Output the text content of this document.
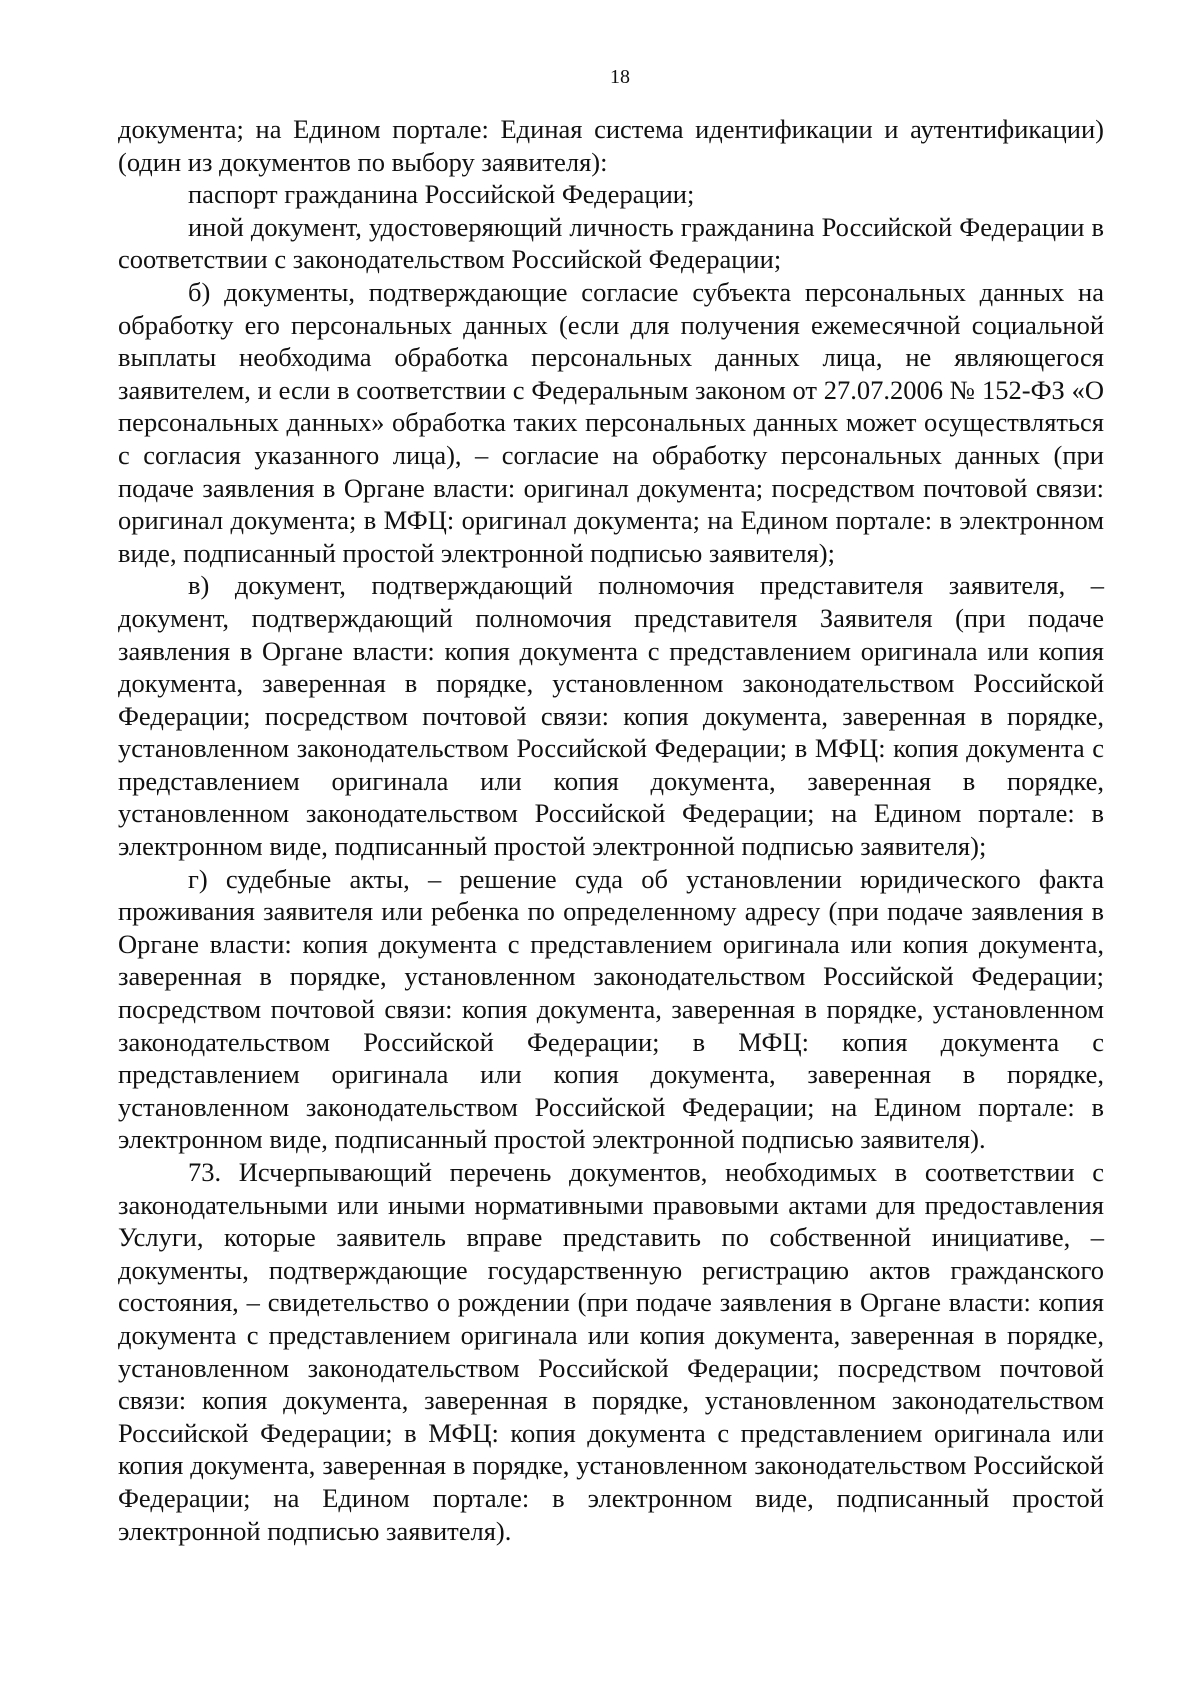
18

документа; на Едином портале: Единая система идентификации и аутентификации) (один из документов по выбору заявителя):

паспорт гражданина Российской Федерации;

иной документ, удостоверяющий личность гражданина Российской Федерации в соответствии с законодательством Российской Федерации;

б) документы, подтверждающие согласие субъекта персональных данных на обработку его персональных данных (если для получения ежемесячной социальной выплаты необходима обработка персональных данных лица, не являющегося заявителем, и если в соответствии с Федеральным законом от 27.07.2006 № 152-ФЗ «О персональных данных» обработка таких персональных данных может осуществляться с согласия указанного лица), – согласие на обработку персональных данных (при подаче заявления в Органе власти: оригинал документа; посредством почтовой связи: оригинал документа; в МФЦ: оригинал документа; на Едином портале: в электронном виде, подписанный простой электронной подписью заявителя);

в) документ, подтверждающий полномочия представителя заявителя, – документ, подтверждающий полномочия представителя Заявителя (при подаче заявления в Органе власти: копия документа с представлением оригинала или копия документа, заверенная в порядке, установленном законодательством Российской Федерации; посредством почтовой связи: копия документа, заверенная в порядке, установленном законодательством Российской Федерации; в МФЦ: копия документа с представлением оригинала или копия документа, заверенная в порядке, установленном законодательством Российской Федерации; на Едином портале: в электронном виде, подписанный простой электронной подписью заявителя);

г) судебные акты, – решение суда об установлении юридического факта проживания заявителя или ребенка по определенному адресу (при подаче заявления в Органе власти: копия документа с представлением оригинала или копия документа, заверенная в порядке, установленном законодательством Российской Федерации; посредством почтовой связи: копия документа, заверенная в порядке, установленном законодательством Российской Федерации; в МФЦ: копия документа с представлением оригинала или копия документа, заверенная в порядке, установленном законодательством Российской Федерации; на Едином портале: в электронном виде, подписанный простой электронной подписью заявителя).

73. Исчерпывающий перечень документов, необходимых в соответствии с законодательными или иными нормативными правовыми актами для предоставления Услуги, которые заявитель вправе представить по собственной инициативе, – документы, подтверждающие государственную регистрацию актов гражданского состояния, – свидетельство о рождении (при подаче заявления в Органе власти: копия документа с представлением оригинала или копия документа, заверенная в порядке, установленном законодательством Российской Федерации; посредством почтовой связи: копия документа, заверенная в порядке, установленном законодательством Российской Федерации; в МФЦ: копия документа с представлением оригинала или копия документа, заверенная в порядке, установленном законодательством Российской Федерации; на Едином портале: в электронном виде, подписанный простой электронной подписью заявителя).
